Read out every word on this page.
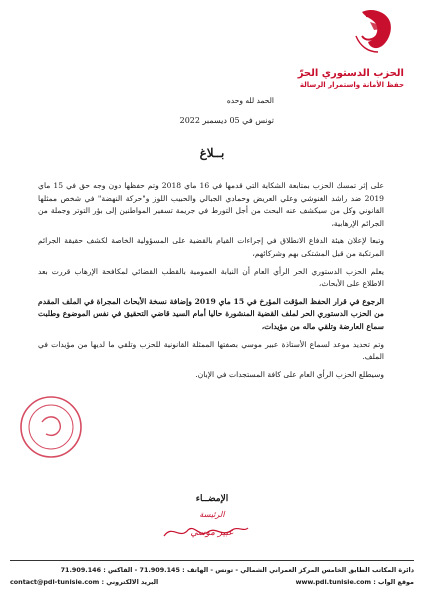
الحزب الدستوري الحرّ
حفظ الأمانة واستمرار الرسالة
الحمد لله وحده
تونس في 05 ديسمبر 2022
بــلاغ

على إثر تمسك الحزب بمتابعة الشكاية التي قدمها في 16 ماي 2018 وتم حفظها دون وجه حق في 15 ماي 2019 ضد راشد الغنوشي وعلي العريض وحمادي الجبالي والحبيب اللوز و"حركة النهضة" في شخص ممثلها القانوني وكل من سيكشف عنه البحث من أجل التورط في جريمة تسفير المواطنين إلى بؤر التوتر وجملة من الجرائم الإرهابية،

وتبعا لإعلان هيئة الدفاع الانطلاق في إجراءات القيام بالقضية على المسؤولية الخاصة لكشف حقيقة الجرائم المرتكبة من قبل المشتكى بهم وشركائهم،

يعلم الحزب الدستوري الحر الرأي العام أن النيابة العمومية بالقطب القضائي لمكافحة الإرهاب قررت بعد الاطلاع على الأبحاث،

الرجوع في قرار الحفظ المؤقت المؤرخ في 15 ماي 2019 وإضافة نسخة الأبحاث المجراة في الملف المقدم من الحزب الدستوري الحر لملف القضية المنشورة حاليا أمام السيد قاضي التحقيق في نفس الموضوع وطلبت سماع العارضة وتلقي ماله من مؤيدات،

وتم تحديد موعد لسماع الأستاذة عبير موسي بصفتها الممثلة القانونية للحزب وتلقي ما لديها من مؤيدات في الملف.

وسيطلع الحزب الرأي العام على كافة المستجدات في الإبان.

الإمضــاء
الرئيسة
عبير موسي
دائرة المكاتب الطابق الخامس المركز العمراني الشمالي - تونس - الهاتف : 71.909.145 - الفاكس : 71.909.146
موقع الواب : www.pdl.tunisie.com
البريد الالكتروني : contact@pdl-tunisie.com
